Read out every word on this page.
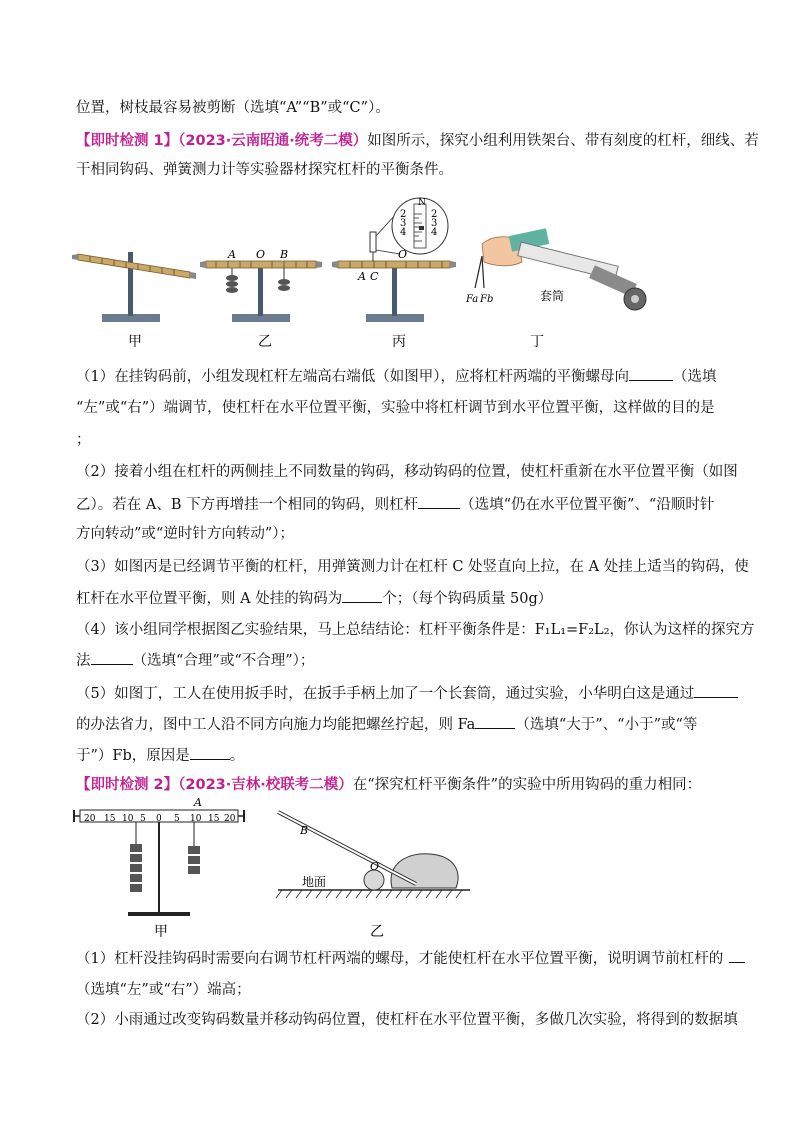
位置，树枝最容易被剪断（选填“A”“B”或“C”）。
【即时检测 1】（2023·云南昭通·统考二模）如图所示，探究小组利用铁架台、带有刻度的杠杆，细线、若
干相同钩码、弹簧测力计等实验器材探究杠杆的平衡条件。
A O B
N
2
3
4
2
3
4
A C
O
Fa Fb	套筒
甲	乙	丙	丁
（1）在挂钩码前，小组发现杠杆左端高右端低（如图甲），应将杠杆两端的平衡螺母向	（选填
“左”或“右”）端调节，使杠杆在水平位置平衡，实验中将杠杆调节到水平位置平衡，这样做的目的是
；
（2）接着小组在杠杆的两侧挂上不同数量的钩码，移动钩码的位置，使杠杆重新在水平位置平衡（如图
乙）。若在 A、B 下方再增挂一个相同的钩码，则杠杆	（选填“仍在水平位置平衡”、“沿顺时针
方向转动”或“逆时针方向转动”）；
（3）如图丙是已经调节平衡的杠杆，用弹簧测力计在杠杆 C 处竖直向上拉，在 A 处挂上适当的钩码，使
杠杆在水平位置平衡，则 A 处挂的钩码为	个；（每个钩码质量 50g）
（4）该小组同学根据图乙实验结果，马上总结结论：杠杆平衡条件是：F₁L₁=F₂L₂，你认为这样的探究方
法	（选填“合理”或“不合理”）；
（5）如图丁，工人在使用扳手时，在扳手手柄上加了一个长套筒，通过实验，小华明白这是通过
的办法省力，图中工人沿不同方向施力均能把螺丝拧起，则 Fa	（选填“大于”、“小于”或“等
于”）Fb，原因是	。
【即时检测 2】（2023·吉林·校联考二模）在“探究杠杆平衡条件”的实验中所用钩码的重力相同：
20 15 10 5 0 5 10 15 20
A
甲
B
O
地面
乙
（1）杠杆没挂钩码时需要向右调节杠杆两端的螺母，才能使杠杆在水平位置平衡，说明调节前杠杆的
（选填“左”或“右”）端高；
（2）小雨通过改变钩码数量并移动钩码位置，使杠杆在水平位置平衡，多做几次实验，将得到的数据填
